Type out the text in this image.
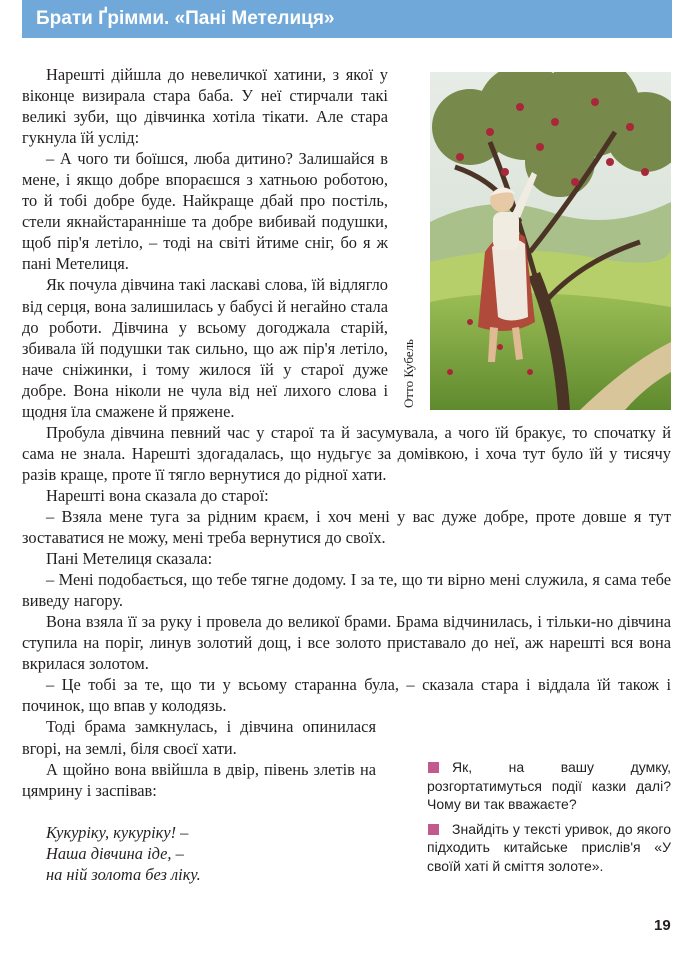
Брати Ґрімми. «Пані Метелиця»
Отто Кубель

Нарешті дійшла до невеличкої хатини, з якої у віконце визирала стара баба. У неї стирчали такі великі зуби, що дівчинка хотіла тікати. Але стара гукнула їй услід:

– А чого ти боїшся, люба дитино? Залишайся в мене, і якщо добре впораєшся з хатньою роботою, то й тобі добре буде. Найкраще дбай про постіль, стели якнайстаранніше та добре вибивай подушки, щоб пір'я летіло, – тоді на світі йтиме сніг, бо я ж пані Метелиця.

Як почула дівчина такі ласкаві слова, їй відлягло від серця, вона залишилась у бабусі й негайно стала до роботи. Дівчина у всьому догоджала старій, збивала їй подушки так сильно, що аж пір'я летіло, наче сніжинки, і тому жилося їй у старої дуже добре. Вона ніколи не чула від неї лихого слова і щодня їла смажене й пряжене.

Пробула дівчина певний час у старої та й засумувала, а чого їй бракує, то спочатку й сама не знала. Нарешті здогадалась, що нудьгує за домівкою, і хоча тут було їй у тисячу разів краще, проте її тягло вернутися до рідної хати.

Нарешті вона сказала до старої:

– Взяла мене туга за рідним краєм, і хоч мені у вас дуже добре, проте довше я тут зоставатися не можу, мені треба вернутися до своїх.

Пані Метелиця сказала:

– Мені подобається, що тебе тягне додому. І за те, що ти вірно мені служила, я сама тебе виведу нагору.

Вона взяла її за руку і провела до великої брами. Брама відчинилась, і тільки-но дівчина ступила на поріг, линув золотий дощ, і все золото приставало до неї, аж нарешті вся вона вкрилася золотом.

– Це тобі за те, що ти у всьому старанна була, – сказала стара і віддала їй також і починок, що впав у колодязь.

Тоді брама замкнулась, і дівчина опинилася вгорі, на землі, біля своєї хати.

А щойно вона ввійшла в двір, півень злетів на цямрину і заспівав:

Кукуріку, кукуріку! –
Наша дівчина іде, –
на ній золота без ліку.
Як, на вашу думку, розгортатимуться події казки далі? Чому ви так вважаєте?
Знайдіть у тексті уривок, до якого підходить китайське прислів'я «У своїй хаті й сміття золоте».
19
